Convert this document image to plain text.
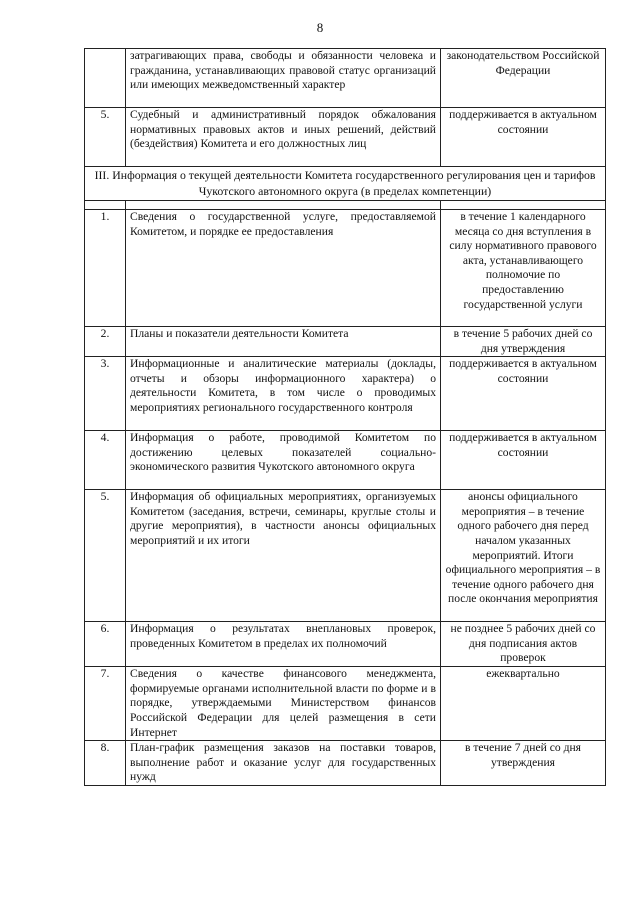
8
	затрагивающих права, свободы и обязанности человека и гражданина, устанавливающих правовой статус организаций или имеющих межведомственный характер	законодательством Российской Федерации
5.	Судебный и административный порядок обжалования нормативных правовых актов и иных решений, действий (бездействия) Комитета и его должностных лиц	поддерживается в актуальном состоянии
III. Информация о текущей деятельности Комитета государственного регулирования цен и тарифов Чукотского автономного округа (в пределах компетенции)		

1.	Сведения о государственной услуге, предоставляемой Комитетом, и порядке ее предоставления	в течение 1 календарного месяца со дня вступления в силу нормативного правового акта, устанавливающего полномочие по предоставлению государственной услуги
2.	Планы и показатели деятельности Комитета	в течение 5 рабочих дней со дня утверждения
3.	Информационные и аналитические материалы (доклады, отчеты и обзоры информационного характера) о деятельности Комитета, в том числе о проводимых мероприятиях регионального государственного контроля	поддерживается в актуальном состоянии
4.	Информация о работе, проводимой Комитетом по достижению целевых показателей социально-экономического развития Чукотского автономного округа	поддерживается в актуальном состоянии
5.	Информация об официальных мероприятиях, организуемых Комитетом (заседания, встречи, семинары, круглые столы и другие мероприятия), в частности анонсы официальных мероприятий и их итоги	анонсы официального мероприятия – в течение одного рабочего дня перед началом указанных мероприятий. Итоги официального мероприятия – в течение одного рабочего дня после окончания мероприятия
6.	Информация о результатах внеплановых проверок, проведенных Комитетом в пределах их полномочий	не позднее 5 рабочих дней со дня подписания актов проверок
7.	Сведения о качестве финансового менеджмента, формируемые органами исполнительной власти по форме и в порядке, утверждаемыми Министерством финансов Российской Федерации для целей размещения в сети Интернет	ежеквартально
8.	План-график размещения заказов на поставки товаров, выполнение работ и оказание услуг для государственных нужд	в течение 7 дней со дня утверждения
